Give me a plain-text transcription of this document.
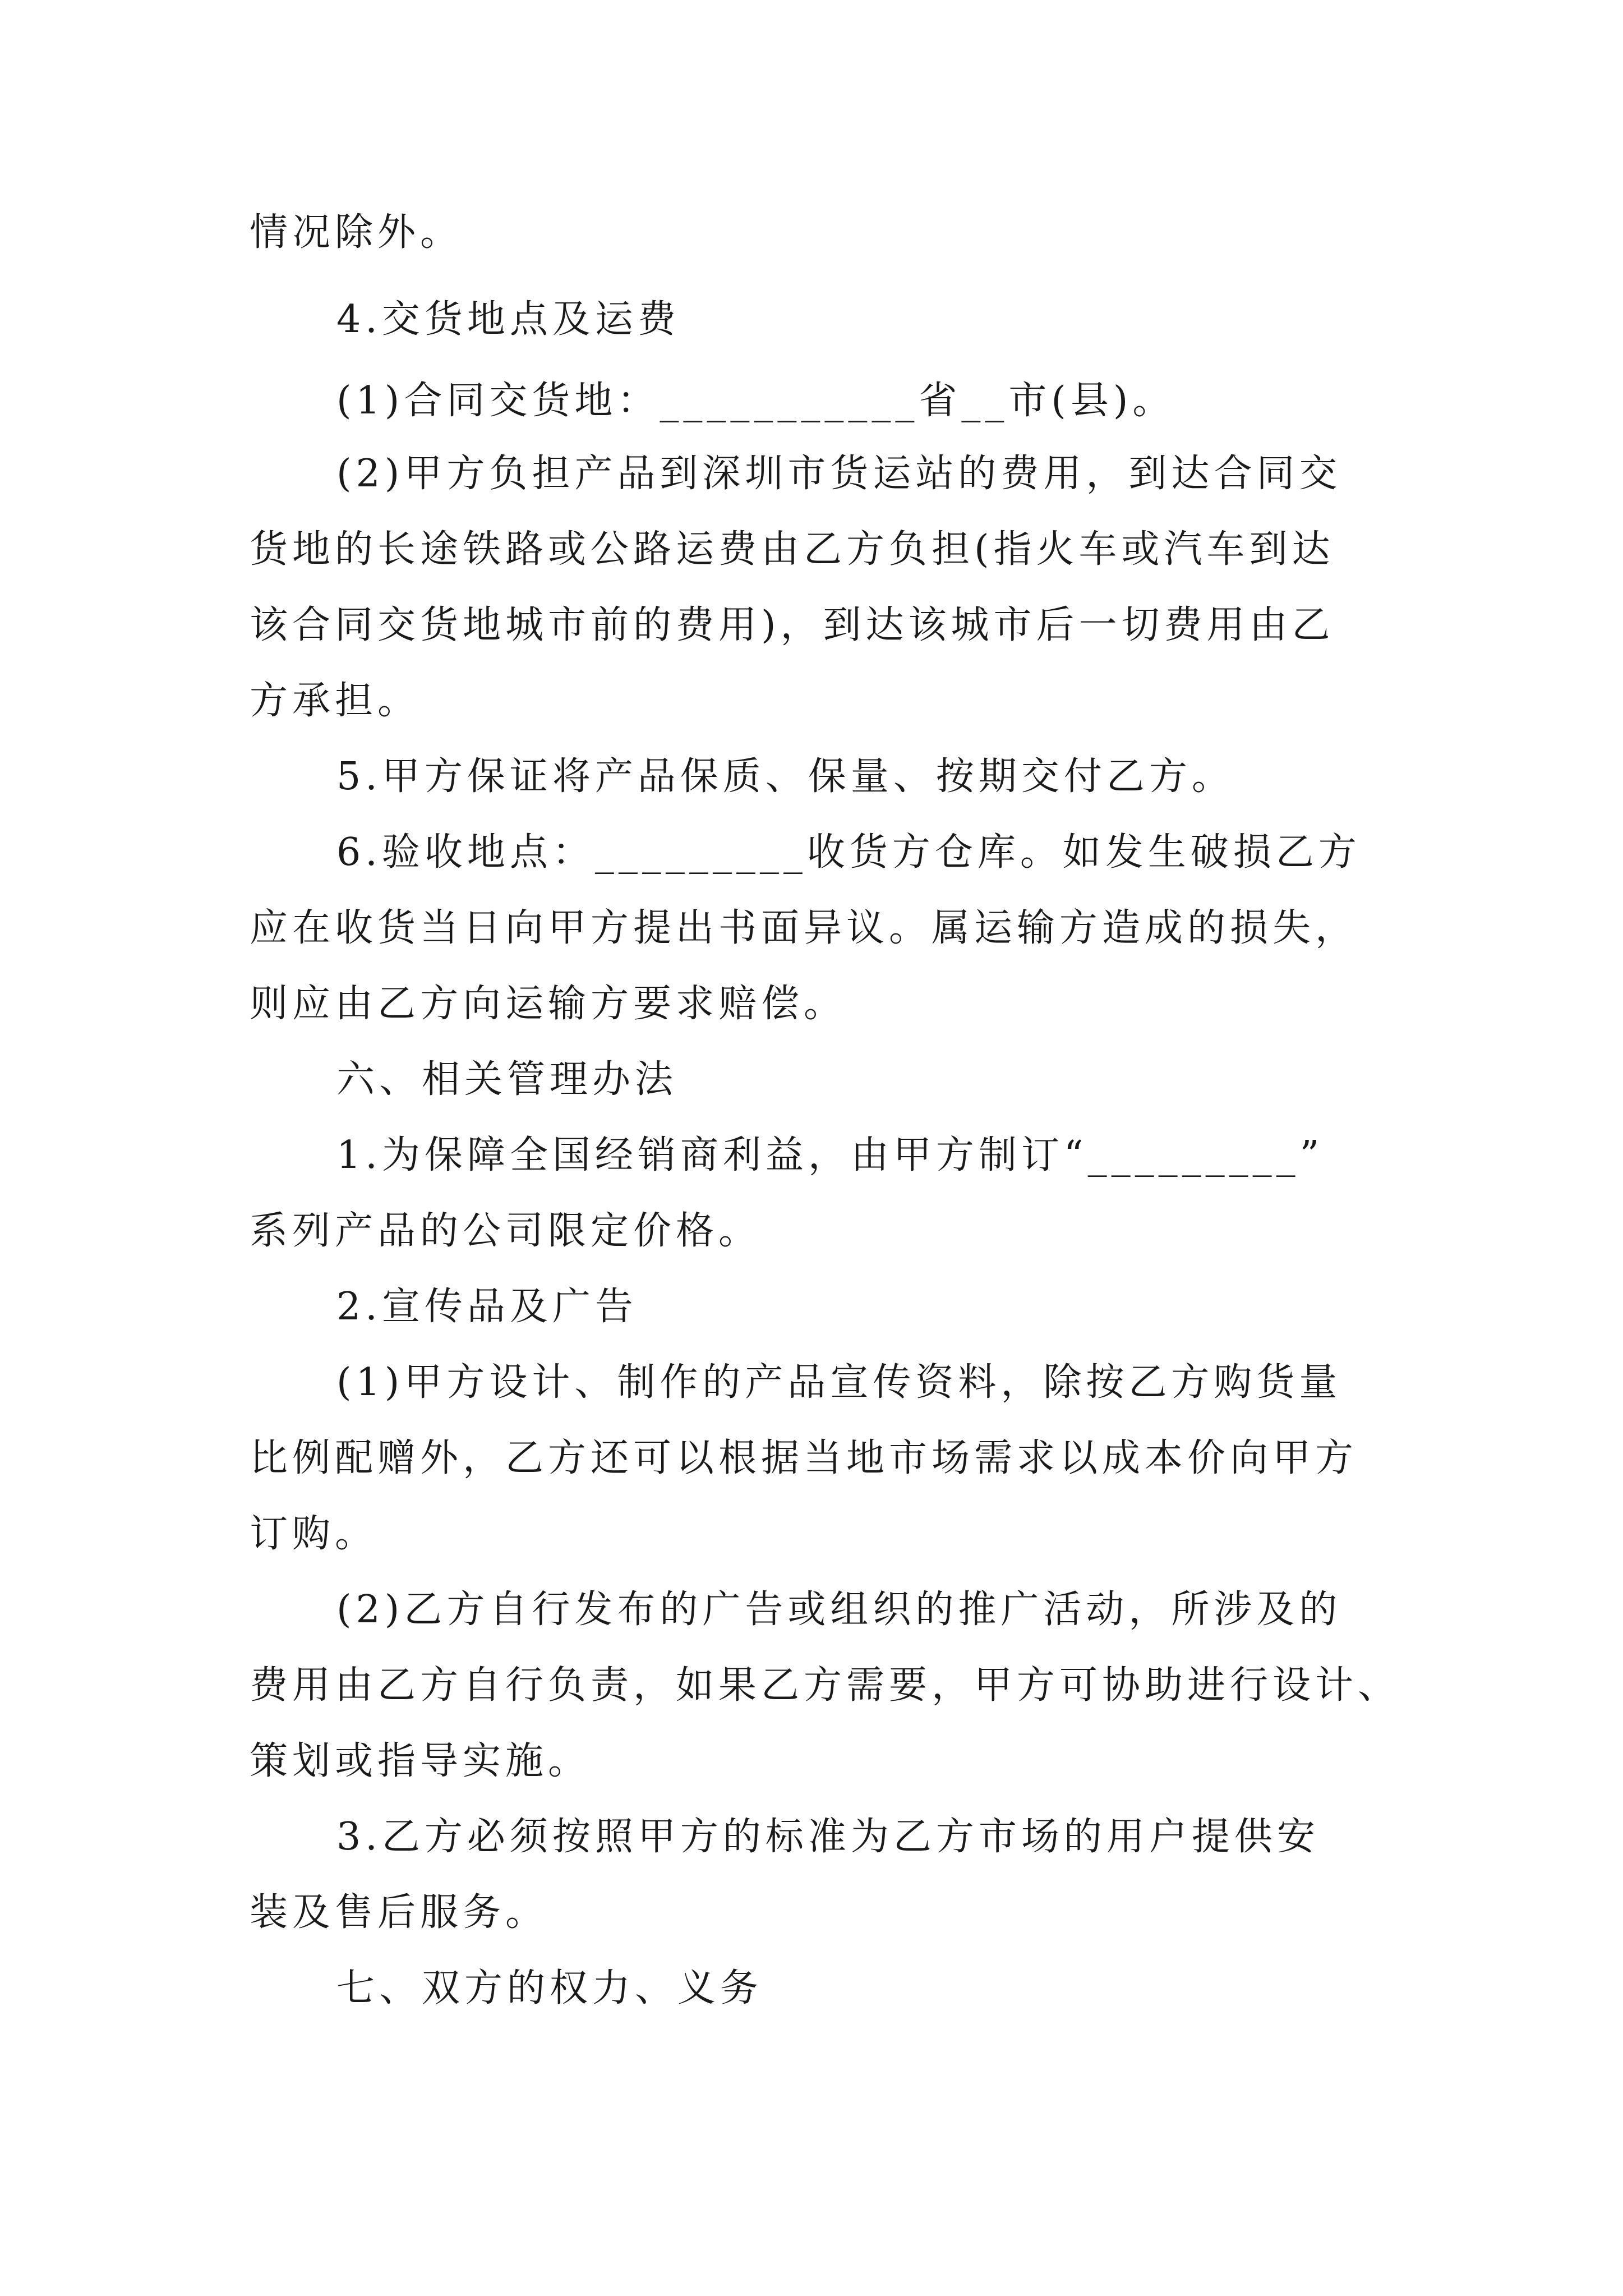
情况除外。
4.交货地点及运费
(1)合同交货地：___________省__市(县)。
(2)甲方负担产品到深圳市货运站的费用，到达合同交
货地的长途铁路或公路运费由乙方负担(指火车或汽车到达
该合同交货地城市前的费用)，到达该城市后一切费用由乙
方承担。
5.甲方保证将产品保质、保量、按期交付乙方。
6.验收地点：_________收货方仓库。如发生破损乙方
应在收货当日向甲方提出书面异议。属运输方造成的损失，
则应由乙方向运输方要求赔偿。
六、相关管理办法
1.为保障全国经销商利益，由甲方制订“_________”
系列产品的公司限定价格。
2.宣传品及广告
(1)甲方设计、制作的产品宣传资料，除按乙方购货量
比例配赠外，乙方还可以根据当地市场需求以成本价向甲方
订购。
(2)乙方自行发布的广告或组织的推广活动，所涉及的
费用由乙方自行负责，如果乙方需要，甲方可协助进行设计、
策划或指导实施。
3.乙方必须按照甲方的标准为乙方市场的用户提供安
装及售后服务。
七、双方的权力、义务
